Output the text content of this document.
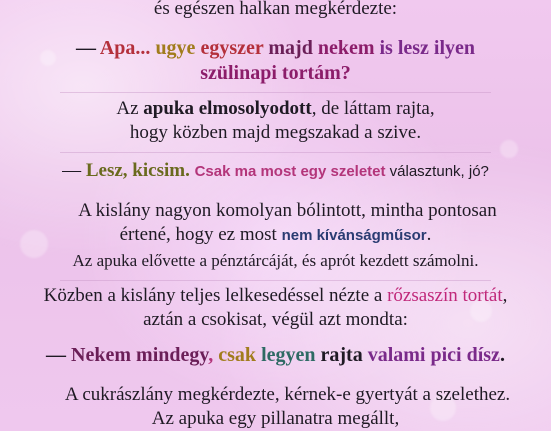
és egészen halkan megkérdezte:
— Apa... ugye egyszer majd nekem is lesz ilyen
szülinapi tortám?
Az apuka elmosolyodott, de láttam rajta,
hogy közben majd megszakad a szive.
— Lesz, kicsim. Csak ma most egy szeletet választunk, jó?
A kislány nagyon komolyan bólintott, mintha pontosan
értené, hogy ez most nem kívánságműsor.
Az apuka elővette a pénztárcáját, és aprót kezdett számolni.
Közben a kislány teljes lelkesedéssel nézte a rőzsaszín tortát,
aztán a csokisat, végül azt mondta:
— Nekem mindegy, csak legyen rajta valami pici dísz.
A cukrászlány megkérdezte, kérnek-e gyertyát a szelethez.
Az apuka egy pillanatra megállt,
